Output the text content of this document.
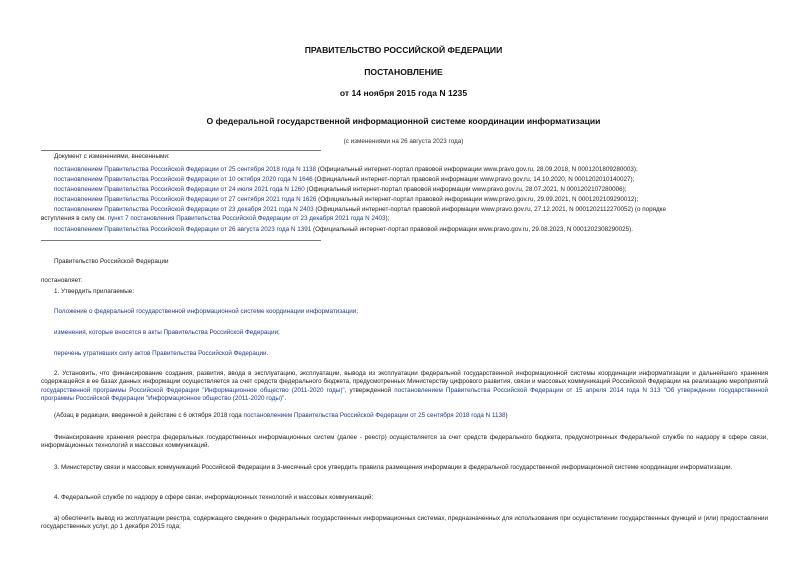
ПРАВИТЕЛЬСТВО РОССИЙСКОЙ ФЕДЕРАЦИИ
ПОСТАНОВЛЕНИЕ
от 14 ноября 2015 года N 1235
О федеральной государственной информационной системе координации информатизации
(с изменениями на 26 августа 2023 года)
Документ с изменениями, внесенными:
постановлением Правительства Российской Федерации от 25 сентября 2018 года N 1138 (Официальный интернет-портал правовой информации www.pravo.gov.ru, 28.09.2018, N 0001201809280003);
постановлением Правительства Российской Федерации от 10 октября 2020 года N 1646 (Официальный интернет-портал правовой информации www.pravo.gov.ru, 14.10.2020, N 0001202010140027);
постановлением Правительства Российской Федерации от 24 июля 2021 года N 1260 (Официальный интернет-портал правовой информации www.pravo.gov.ru, 28.07.2021, N 0001202107280006);
постановлением Правительства Российской Федерации от 27 сентября 2021 года N 1626 (Официальный интернет-портал правовой информации www.pravo.gov.ru, 29.09.2021, N 0001202109290012);
постановлением Правительства Российской Федерации от 23 декабря 2021 года N 2403 (Официальный интернет-портал правовой информации www.pravo.gov.ru, 27.12.2021, N 0001202112270052) (о порядке
вступления в силу см. пункт 7 постановления Правительства Российской Федерации от 23 декабря 2021 года N 2403);
постановлением Правительства Российской Федерации от 26 августа 2023 года N 1391 (Официальный интернет-портал правовой информации www.pravo.gov.ru, 29.08.2023, N 0001202308290025).
Правительство Российской Федерации
постановляет:
1. Утвердить прилагаемые:
Положение о федеральной государственной информационной системе координации информатизации;
изменения, которые вносятся в акты Правительства Российской Федерации;
перечень утративших силу актов Правительства Российской Федерации.
2. Установить, что финансирование создания, развития, ввода в эксплуатацию, эксплуатации, вывода из эксплуатации федеральной государственной информационной системы координации информатизации и дальнейшего хранения содержащейся в ее базах данных информации осуществляется за счет средств федерального бюджета, предусмотренных Министерству цифрового развития, связи и массовых коммуникаций Российской Федерации на реализацию мероприятий государственной программы Российской Федерации "Информационное общество (2011-2020 годы)", утвержденной постановлением Правительства Российской Федерации от 15 апреля 2014 года N 313 "Об утверждении государственной программы Российской Федерации "Информационное общество (2011-2020 годы)".
(Абзац в редакции, введенной в действие с 6 октября 2018 года постановлением Правительства Российской Федерации от 25 сентября 2018 года N 1138)
Финансирование хранения реестра федеральных государственных информационных систем (далее - реестр) осуществляется за счет средств федерального бюджета, предусмотренных Федеральной службе по надзору в сфере связи, информационных технологий и массовых коммуникаций.
3. Министерству связи и массовых коммуникаций Российской Федерации в 3-месячный срок утвердить правила размещения информации в федеральной государственной информационной системе координации информатизации.
4. Федеральной службе по надзору в сфере связи, информационных технологий и массовых коммуникаций:
а) обеспечить вывод из эксплуатации реестра, содержащего сведения о федеральных государственных информационных системах, предназначенных для использования при осуществлении государственных функций и (или) предоставлении государственных услуг, до 1 декабря 2015 года;
